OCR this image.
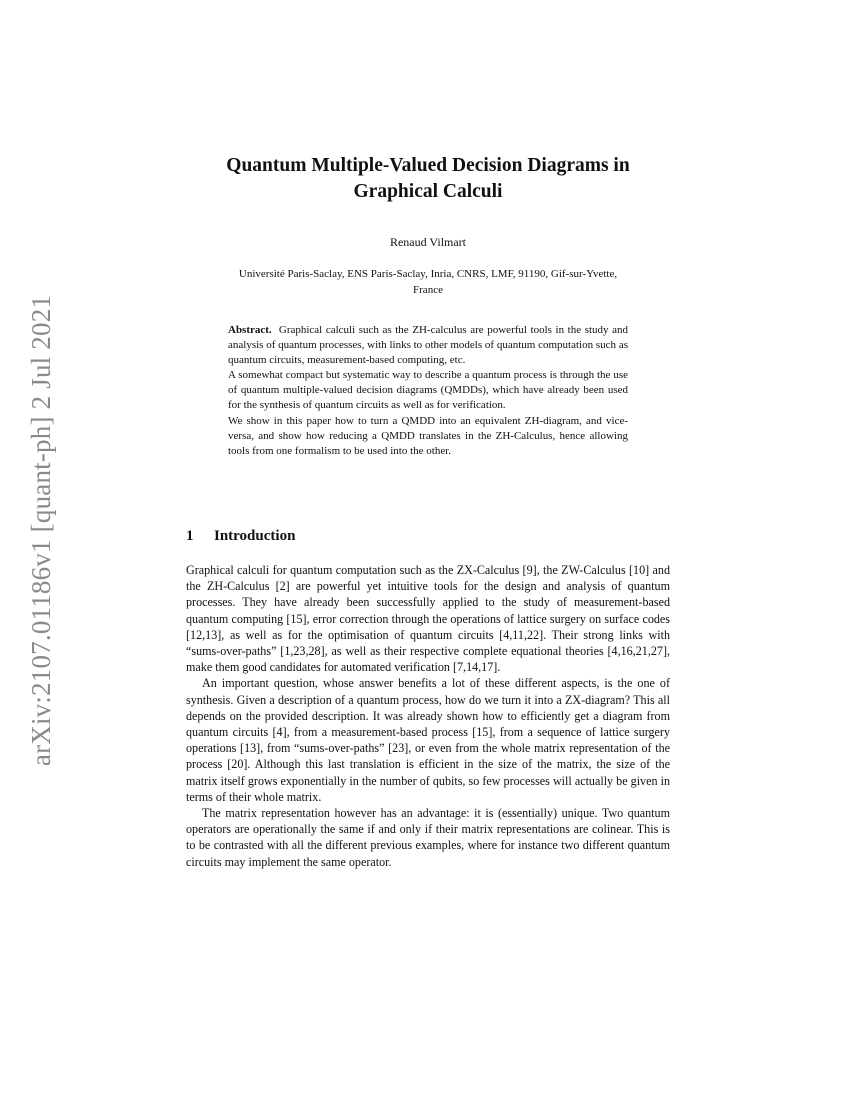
arXiv:2107.01186v1 [quant-ph] 2 Jul 2021
Quantum Multiple-Valued Decision Diagrams in
Graphical Calculi
Renaud Vilmart
Université Paris-Saclay, ENS Paris-Saclay, Inria, CNRS, LMF, 91190, Gif-sur-Yvette,
France

Abstract. Graphical calculi such as the ZH-calculus are powerful tools in the study and analysis of quantum processes, with links to other models of quantum computation such as quantum circuits, measurement-based computing, etc.

A somewhat compact but systematic way to describe a quantum process is through the use of quantum multiple-valued decision diagrams (QMDDs), which have already been used for the synthesis of quantum circuits as well as for verification.

We show in this paper how to turn a QMDD into an equivalent ZH-diagram, and vice-versa, and show how reducing a QMDD translates in the ZH-Calculus, hence allowing tools from one formalism to be used into the other.

1 Introduction

Graphical calculi for quantum computation such as the ZX-Calculus [9], the ZW-Calculus [10] and the ZH-Calculus [2] are powerful yet intuitive tools for the design and analysis of quantum processes. They have already been successfully applied to the study of measurement-based quantum computing [15], error correction through the operations of lattice surgery on surface codes [12,13], as well as for the optimisation of quantum circuits [4,11,22]. Their strong links with “sums-over-paths” [1,23,28], as well as their respective complete equational theories [4,16,21,27], make them good candidates for automated verification [7,14,17].

An important question, whose answer benefits a lot of these different aspects, is the one of synthesis. Given a description of a quantum process, how do we turn it into a ZX-diagram? This all depends on the provided description. It was already shown how to efficiently get a diagram from quantum circuits [4], from a measurement-based process [15], from a sequence of lattice surgery operations [13], from “sums-over-paths” [23], or even from the whole matrix representation of the process [20]. Although this last translation is efficient in the size of the matrix, the size of the matrix itself grows exponentially in the number of qubits, so few processes will actually be given in terms of their whole matrix.

The matrix representation however has an advantage: it is (essentially) unique. Two quantum operators are operationally the same if and only if their matrix representations are colinear. This is to be contrasted with all the different previous examples, where for instance two different quantum circuits may implement the same operator.
